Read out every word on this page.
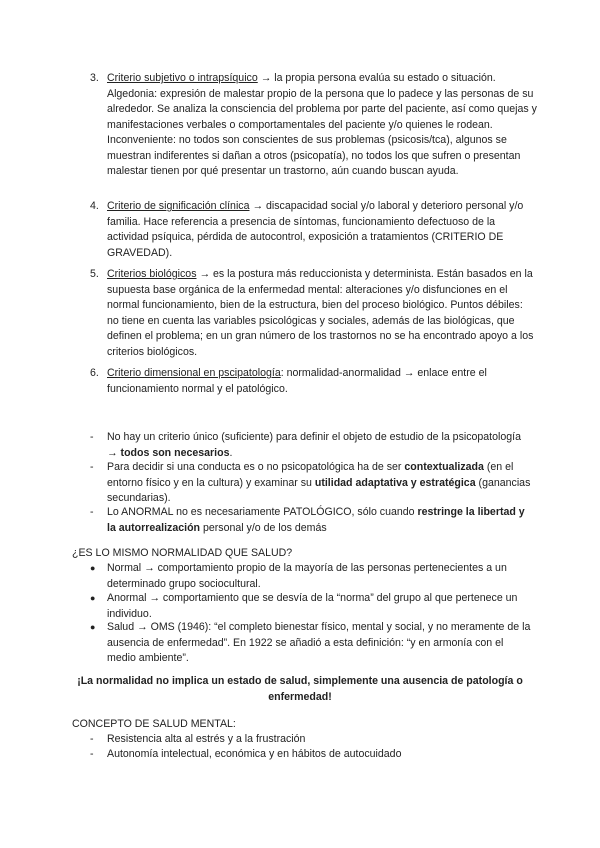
3. Criterio subjetivo o intrapsíquico → la propia persona evalúa su estado o situación. Algedonia: expresión de malestar propio de la persona que lo padece y las personas de su alrededor. Se analiza la consciencia del problema por parte del paciente, así como quejas y manifestaciones verbales o comportamentales del paciente y/o quienes le rodean. Inconveniente: no todos son conscientes de sus problemas (psicosis/tca), algunos se muestran indiferentes si dañan a otros (psicopatía), no todos los que sufren o presentan malestar tienen por qué presentar un trastorno, aún cuando buscan ayuda.
4. Criterio de significación clínica → discapacidad social y/o laboral y deterioro personal y/o familia. Hace referencia a presencia de síntomas, funcionamiento defectuoso de la actividad psíquica, pérdida de autocontrol, exposición a tratamientos (CRITERIO DE GRAVEDAD).
5. Criterios biológicos → es la postura más reduccionista y determinista. Están basados en la supuesta base orgánica de la enfermedad mental: alteraciones y/o disfunciones en el normal funcionamiento, bien de la estructura, bien del proceso biológico. Puntos débiles: no tiene en cuenta las variables psicológicas y sociales, además de las biológicas, que definen el problema; en un gran número de los trastornos no se ha encontrado apoyo a los criterios biológicos.
6. Criterio dimensional en pscipatología: normalidad-anormalidad → enlace entre el funcionamiento normal y el patológico.
- No hay un criterio único (suficiente) para definir el objeto de estudio de la psicopatología → todos son necesarios.
- Para decidir si una conducta es o no psicopatológica ha de ser contextualizada (en el entorno físico y en la cultura) y examinar su utilidad adaptativa y estratégica (ganancias secundarias).
- Lo ANORMAL no es necesariamente PATOLÓGICO, sólo cuando restringe la libertad y la autorrealización personal y/o de los demás
¿ES LO MISMO NORMALIDAD QUE SALUD?
● Normal → comportamiento propio de la mayoría de las personas pertenecientes a un determinado grupo sociocultural.
● Anormal → comportamiento que se desvía de la “norma” del grupo al que pertenece un individuo.
● Salud → OMS (1946): “el completo bienestar físico, mental y social, y no meramente de la ausencia de enfermedad”. En 1922 se añadió a esta definición: “y en armonía con el medio ambiente”.
¡La normalidad no implica un estado de salud, simplemente una ausencia de patología o enfermedad!
CONCEPTO DE SALUD MENTAL:
- Resistencia alta al estrés y a la frustración
- Autonomía intelectual, económica y en hábitos de autocuidado
